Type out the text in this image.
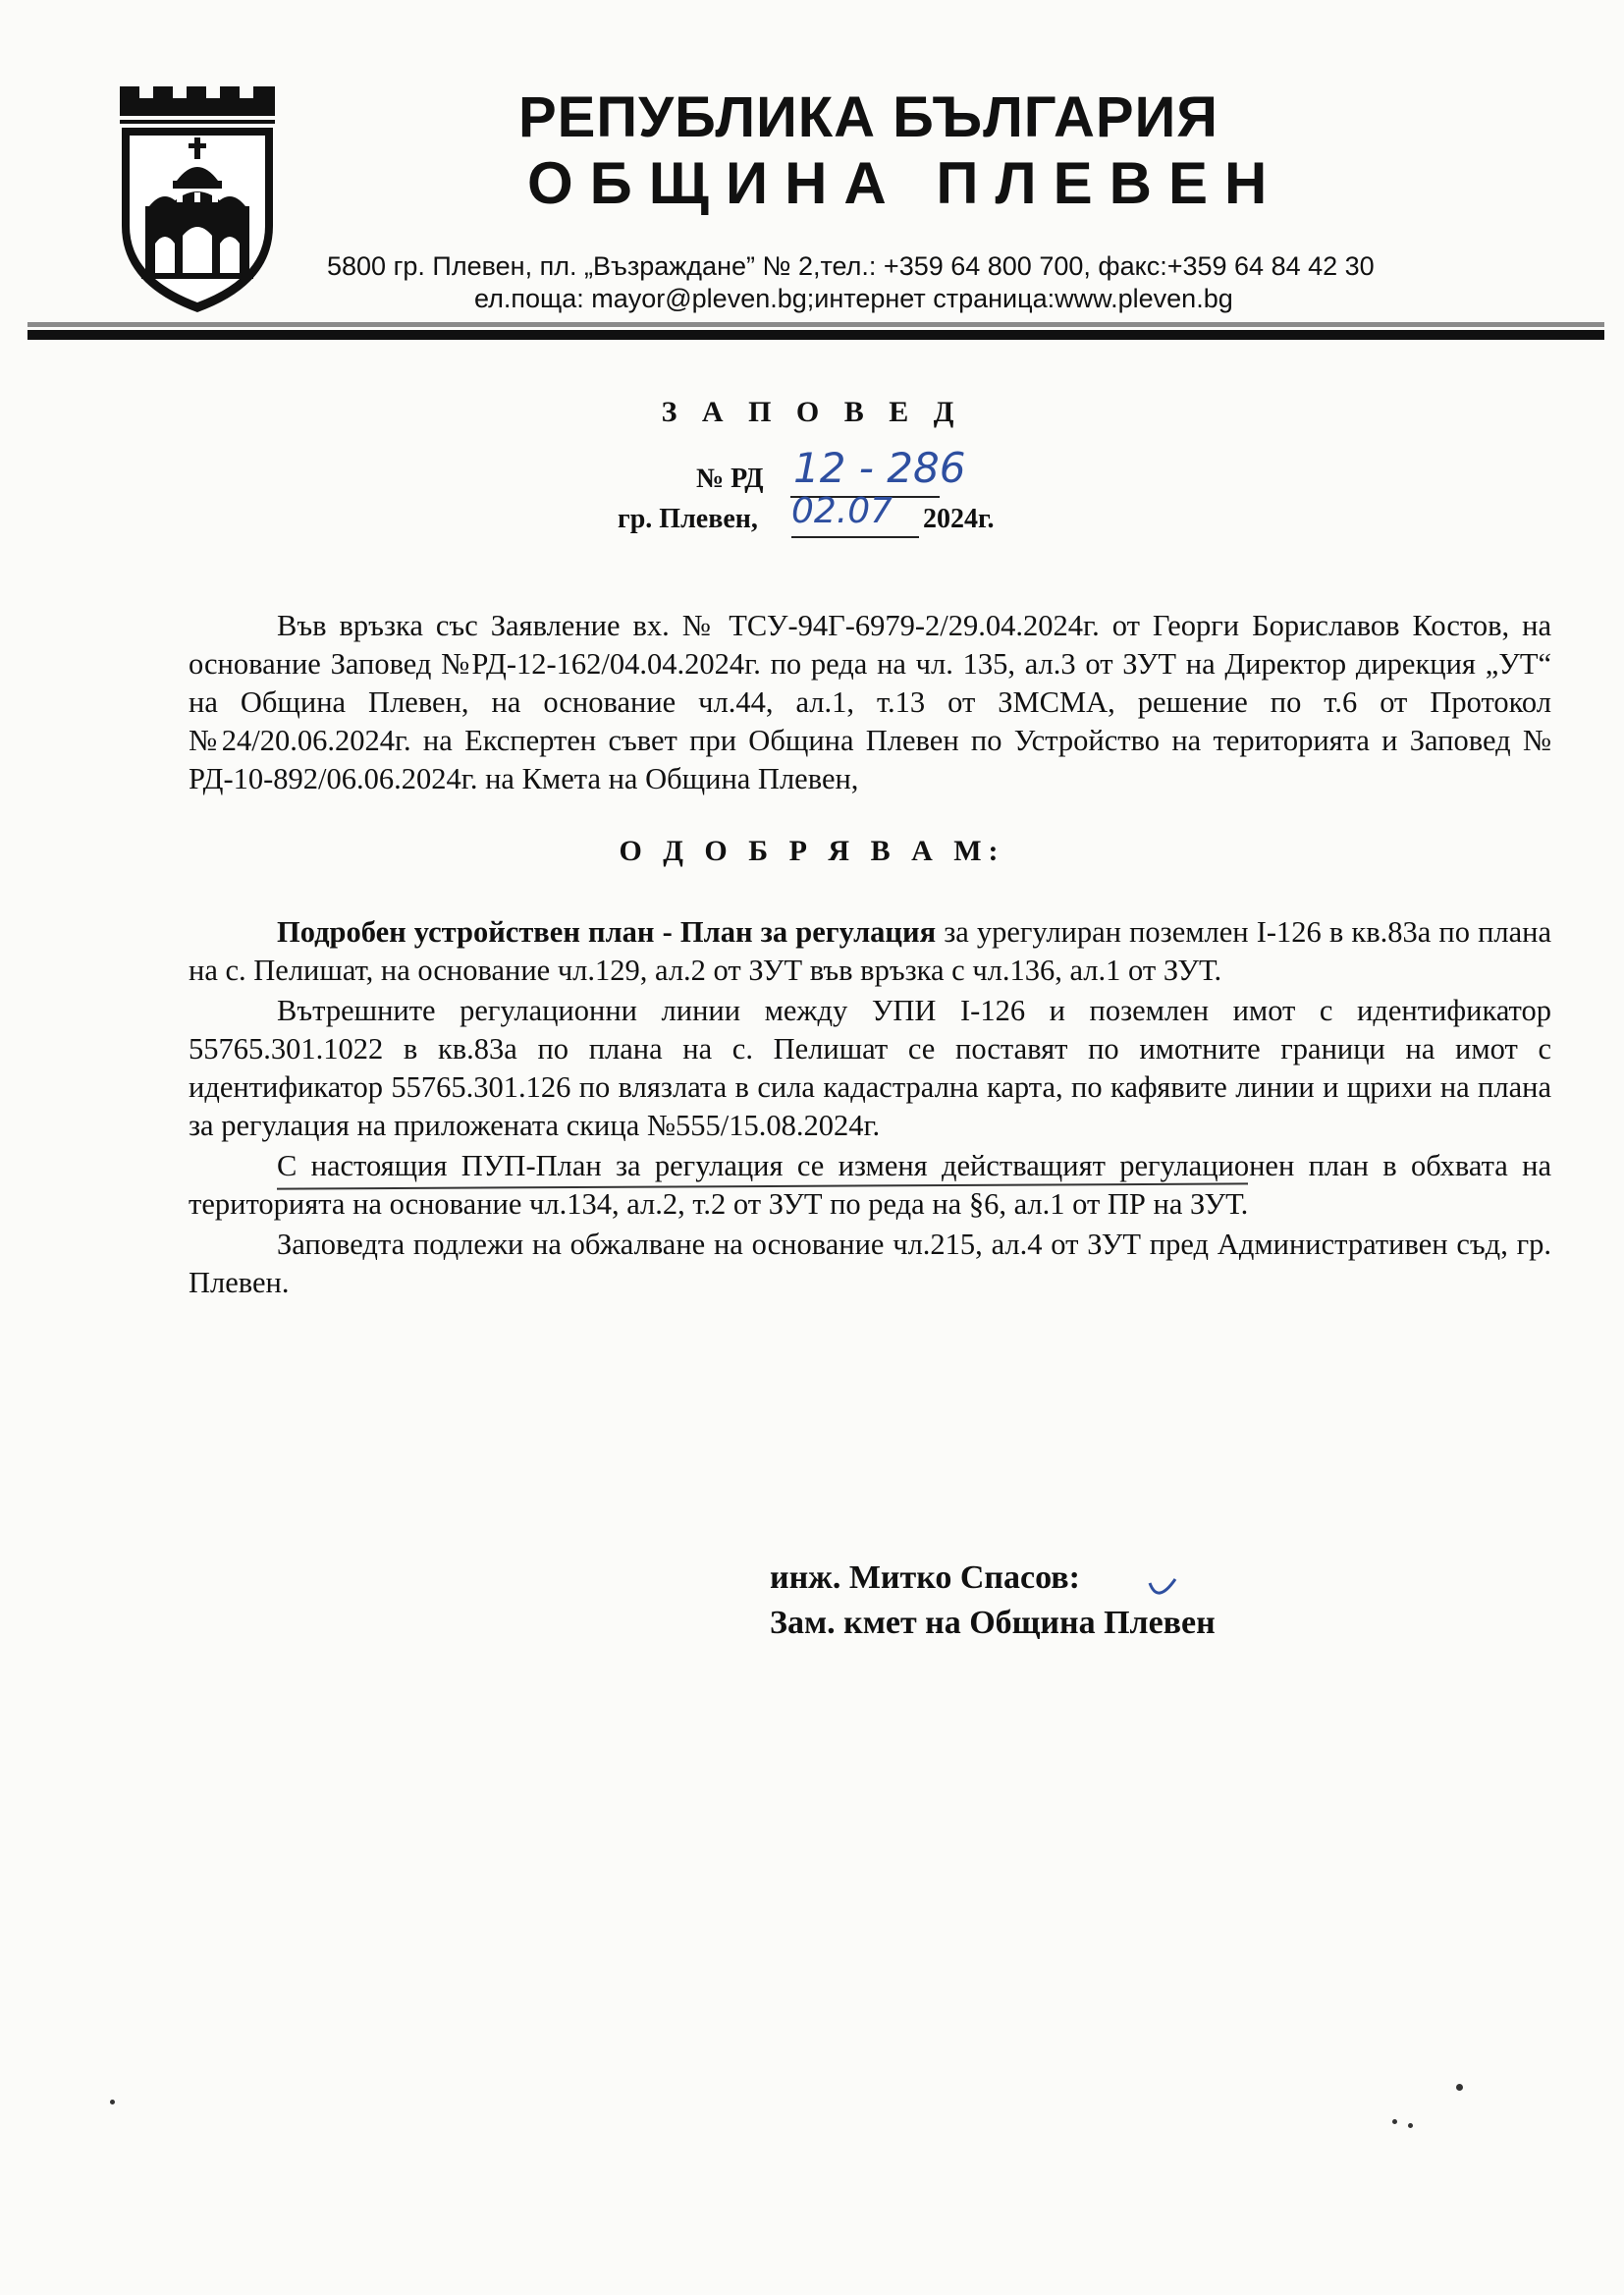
РЕПУБЛИКА БЪЛГАРИЯ
ОБЩИНА ПЛЕВЕН
5800 гр. Плевен, пл. „Възраждане” № 2,тел.: +359 64 800 700, факс:+359 64 84 42 30
ел.поща: mayor@pleven.bg;интернет страница:www.pleven.bg
З А П О В Е Д
№ РД 12 - 286
гр. Плевен, 02.07 2024г.

Във връзка със Заявление вх. № ТСУ-94Г-6979-2/29.04.2024г. от Георги Бориславов Костов, на основание Заповед №РД-12-162/04.04.2024г. по реда на чл. 135, ал.3 от ЗУТ на Директор дирекция „УТ“ на Община Плевен, на основание чл.44, ал.1, т.13 от ЗМСМА, решение по т.6 от Протокол №24/20.06.2024г. на Експертен съвет при Община Плевен по Устройство на територията и Заповед № РД-10-892/06.06.2024г. на Кмета на Община Плевен,

О Д О Б Р Я В А М:

Подробен устройствен план - План за регулация за урегулиран поземлен I-126 в кв.83а по плана на с. Пелишат, на основание чл.129, ал.2 от ЗУТ във връзка с чл.136, ал.1 от ЗУТ.

Вътрешните регулационни линии между УПИ I-126 и поземлен имот с идентификатор 55765.301.1022 в кв.83а по плана на с. Пелишат се поставят по имотните граници на имот с идентификатор 55765.301.126 по влязлата в сила кадастрална карта, по кафявите линии и щрихи на плана за регулация на приложената скица №555/15.08.2024г.

С настоящия ПУП-План за регулация се изменя действащият регулационен план в обхвата на територията на основание чл.134, ал.2, т.2 от ЗУТ по реда на §6, ал.1 от ПР на ЗУТ.

Заповедта подлежи на обжалване на основание чл.215, ал.4 от ЗУТ пред Административен съд, гр. Плевен.

инж. Митко Спасов:
Зам. кмет на Община Плевен
